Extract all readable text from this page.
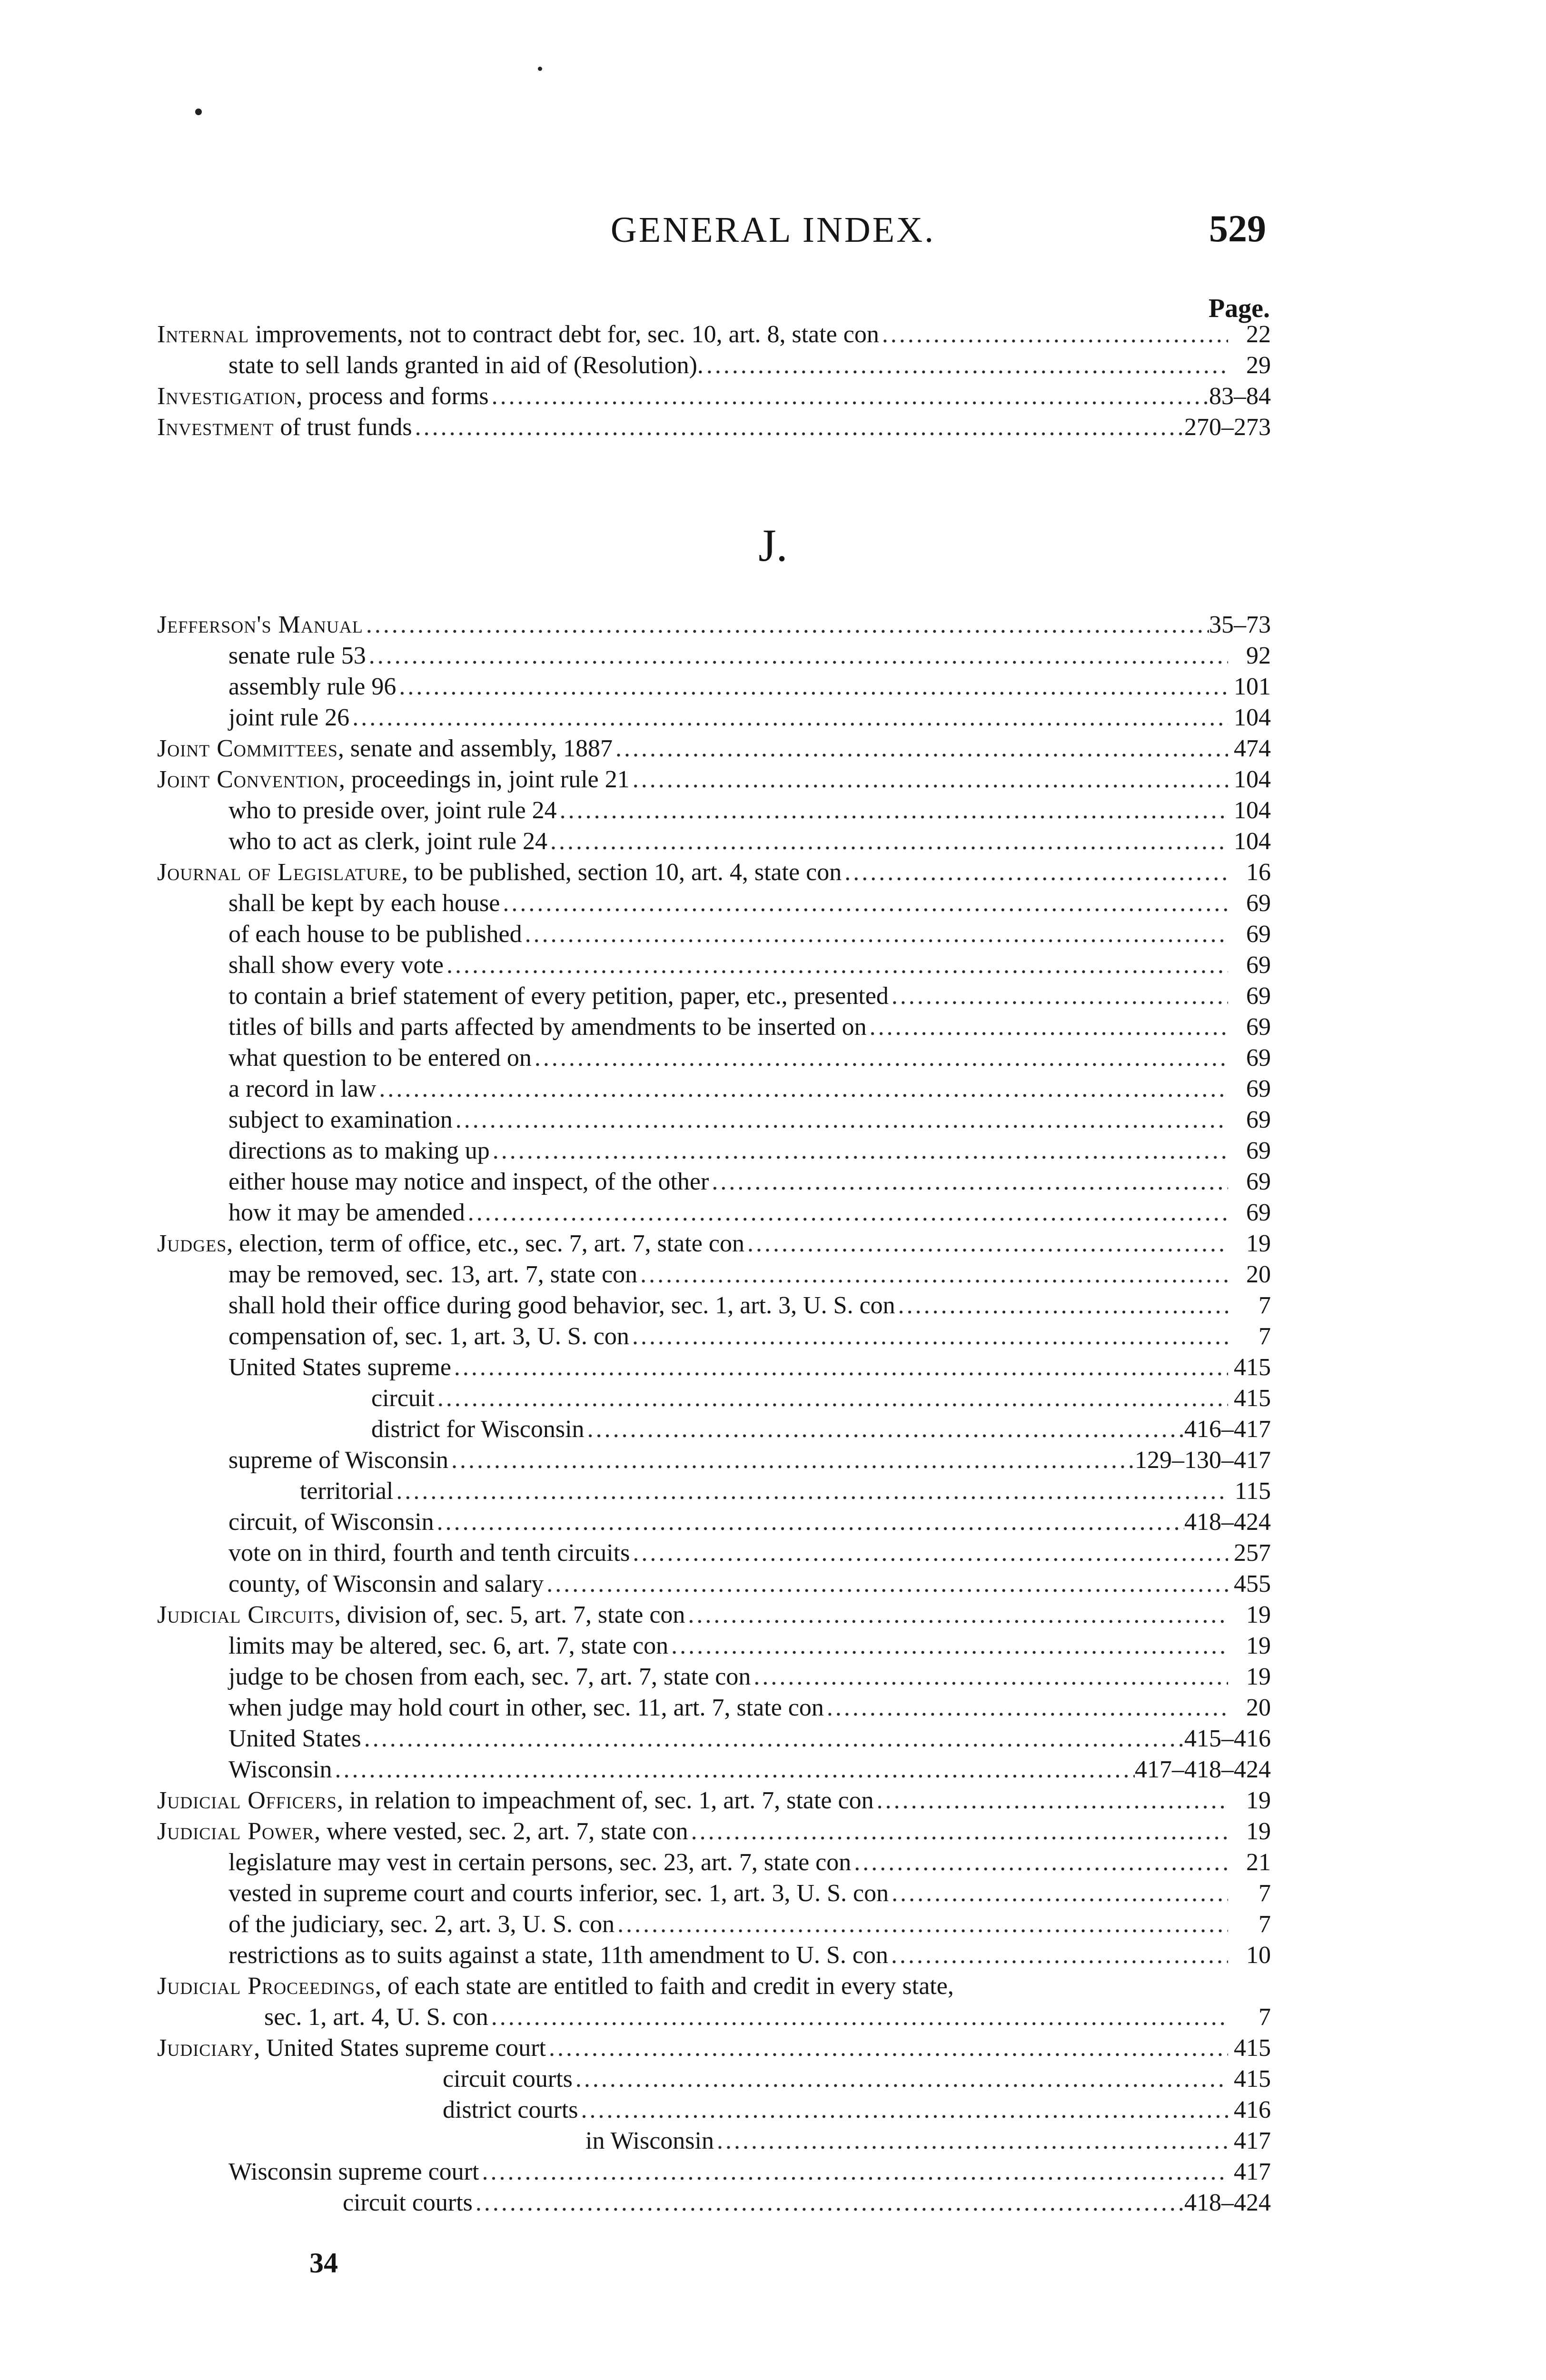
GENERAL INDEX.	529
Page.
J.
Internal improvements, not to contract debt for, sec. 10, art. 8, state con . . .	22
state to sell lands granted in aid of (Resolution). . . .	29
Investigation, process and forms . . .	83–84
Investment of trust funds . . .	270–273
Jefferson's Manual . . .	35–73
senate rule 53 . . .	92
assembly rule 96 . . .	101
joint rule 26 . . .	104
Joint Committees, senate and assembly, 1887 . . .	474
Joint Convention, proceedings in, joint rule 21 . . .	104
who to preside over, joint rule 24 . . .	104
who to act as clerk, joint rule 24 . . .	104
Journal of Legislature, to be published, section 10, art. 4, state con . . .	16
shall be kept by each house . . .	69
of each house to be published . . .	69
shall show every vote . . .	69
to contain a brief statement of every petition, paper, etc., presented . . .	69
titles of bills and parts affected by amendments to be inserted on . . .	69
what question to be entered on . . .	69
a record in law . . .	69
subject to examination . . .	69
directions as to making up . . .	69
either house may notice and inspect, of the other . . .	69
how it may be amended . . .	69
Judges, election, term of office, etc., sec. 7, art. 7, state con . . .	19
may be removed, sec. 13, art. 7, state con . . .	20
shall hold their office during good behavior, sec. 1, art. 3, U. S. con . . .	7
compensation of, sec. 1, art. 3, U. S. con . . .	7
United States supreme . . .	415
circuit . . .	415
district for Wisconsin . . .	416–417
supreme of Wisconsin . . .	129–130–417
territorial . . .	115
circuit, of Wisconsin . . .	418–424
vote on in third, fourth and tenth circuits . . .	257
county, of Wisconsin and salary . . .	455
Judicial Circuits, division of, sec. 5, art. 7, state con . . .	19
limits may be altered, sec. 6, art. 7, state con . . .	19
judge to be chosen from each, sec. 7, art. 7, state con . . .	19
when judge may hold court in other, sec. 11, art. 7, state con . . .	20
United States . . .	415–416
Wisconsin . . .	417–418–424
Judicial Officers, in relation to impeachment of, sec. 1, art. 7, state con . . .	19
Judicial Power, where vested, sec. 2, art. 7, state con . . .	19
legislature may vest in certain persons, sec. 23, art. 7, state con . . .	21
vested in supreme court and courts inferior, sec. 1, art. 3, U. S. con . . .	7
of the judiciary, sec. 2, art. 3, U. S. con . . .	7
restrictions as to suits against a state, 11th amendment to U. S. con . . .	10
Judicial Proceedings, of each state are entitled to faith and credit in every state,
sec. 1, art. 4, U. S. con . . .	7
Judiciary, United States supreme court . . .	415
circuit courts . . .	415
district courts . . .	416
in Wisconsin . . .	417
Wisconsin supreme court . . .	417
circuit courts . . .	418–424
34
